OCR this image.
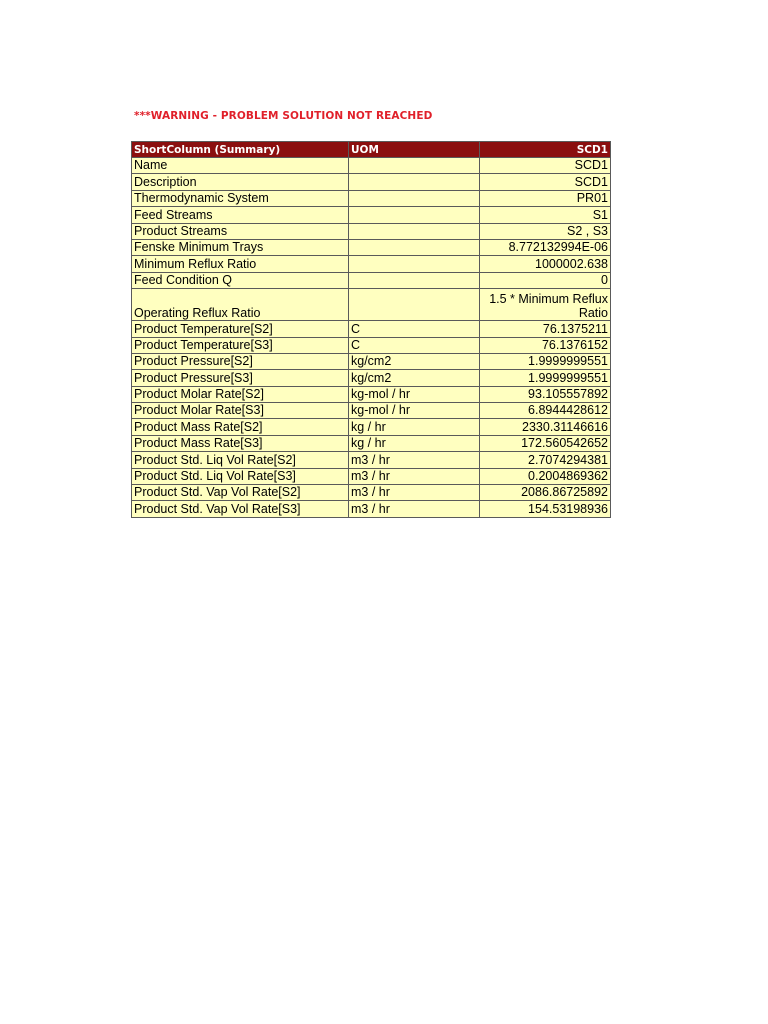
***WARNING - PROBLEM SOLUTION NOT REACHED
ShortColumn (Summary)	UOM	SCD1
Name		SCD1
Description		SCD1
Thermodynamic System		PR01
Feed Streams		S1
Product Streams		S2 , S3
Fenske Minimum Trays		8.772132994E-06
Minimum Reflux Ratio		1000002.638
Feed Condition Q		0
Operating Reflux Ratio		1.5 * Minimum Reflux Ratio
Product Temperature[S2]	C	76.1375211
Product Temperature[S3]	C	76.1376152
Product Pressure[S2]	kg/cm2	1.9999999551
Product Pressure[S3]	kg/cm2	1.9999999551
Product Molar Rate[S2]	kg-mol / hr	93.105557892
Product Molar Rate[S3]	kg-mol / hr	6.8944428612
Product Mass Rate[S2]	kg / hr	2330.31146616
Product Mass Rate[S3]	kg / hr	172.560542652
Product Std. Liq Vol Rate[S2]	m3 / hr	2.7074294381
Product Std. Liq Vol Rate[S3]	m3 / hr	0.2004869362
Product Std. Vap Vol Rate[S2]	m3 / hr	2086.86725892
Product Std. Vap Vol Rate[S3]	m3 / hr	154.53198936
